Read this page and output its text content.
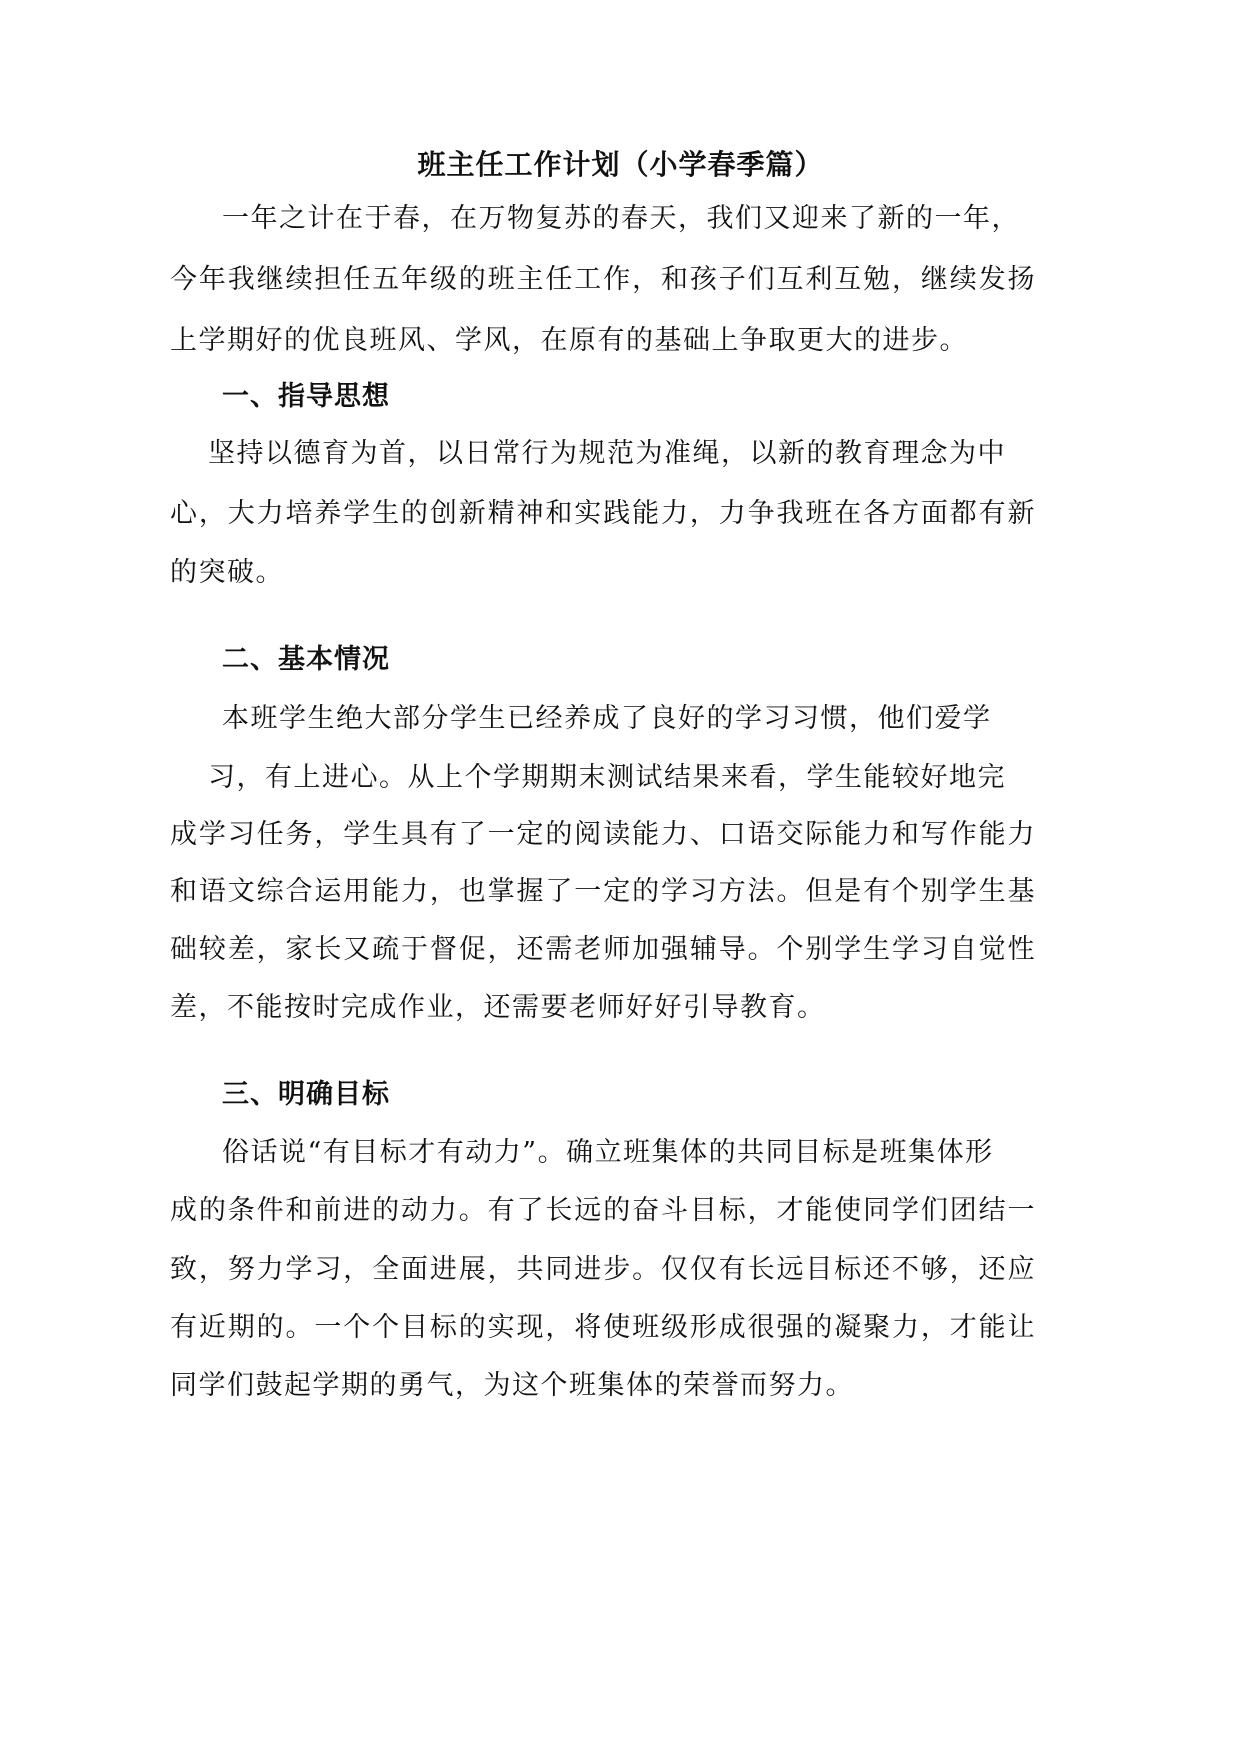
班主任工作计划（小学春季篇）
一年之计在于春，在万物复苏的春天，我们又迎来了新的一年，
今年我继续担任五年级的班主任工作，和孩子们互利互勉，继续发扬
上学期好的优良班风、学风，在原有的基础上争取更大的进步。
一、指导思想
坚持以德育为首，以日常行为规范为准绳，以新的教育理念为中
心，大力培养学生的创新精神和实践能力，力争我班在各方面都有新
的突破。
二、基本情况
本班学生绝大部分学生已经养成了良好的学习习惯，他们爱学
习，有上进心。从上个学期期末测试结果来看，学生能较好地完
成学习任务，学生具有了一定的阅读能力、口语交际能力和写作能力
和语文综合运用能力，也掌握了一定的学习方法。但是有个别学生基
础较差，家长又疏于督促，还需老师加强辅导。个别学生学习自觉性
差，不能按时完成作业，还需要老师好好引导教育。
三、明确目标
俗话说“有目标才有动力”。确立班集体的共同目标是班集体形
成的条件和前进的动力。有了长远的奋斗目标，才能使同学们团结一
致，努力学习，全面进展，共同进步。仅仅有长远目标还不够，还应
有近期的。一个个目标的实现，将使班级形成很强的凝聚力，才能让
同学们鼓起学期的勇气，为这个班集体的荣誉而努力。
